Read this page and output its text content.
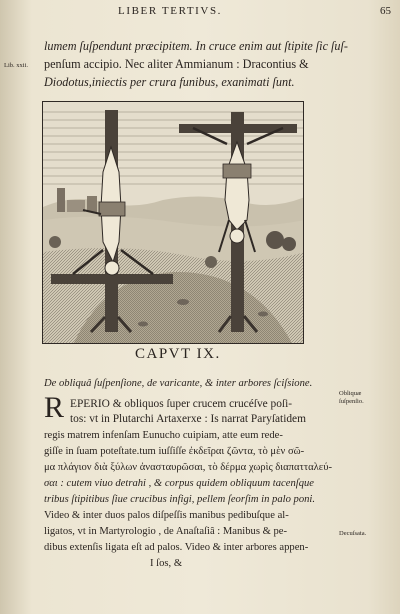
LIBER TERTIVS.	65
Lib. xxii.
lumem ſuſpendunt præcipitem. In cruce enim aut ſtipite ſic ſuſ-
penſum accipio. Nec aliter Ammianum : Dracontius &
Diodotus,iniectis per crura funibus, exanimati ſunt.
CAPVT IX.
De obliquâ ſuſpenſione, de varicante, & inter arbores ſciſsione.
R EPERIO & obliquos ſuper crucem crucéſve poſi-
tos: vt in Plutarchi Artaxerxe : Is narrat Paryſatidem
regis matrem infenſam Eunucho cuipiam, atte eum rede-
giſſe in ſuam poteſtate.tum iuſſiſſe ἐκδεῖραι ζῶντα, τὸ μὲν σῶ-
μα πλάγιον διὰ ξύλων ἀνασταυρῶσαι, τὸ δέρμα χωρὶς διαπατταλεύ-
σαι : cutem viuo detrahi , & corpus quidem obliquum tacenſque
tribus ſtipitibus ſiue crucibus infigi, pellem ſeorſim in palo poni.
Video & inter duos palos diſpeſſis manibus pedibuſque al-
ligatos, vt in Martyrologio , de Anaſtaſiâ : Manibus & pe-
dibus extenſis ligata eſt ad palos. Video & inter arbores appen-
I ſos, &
Obliquæ
ſuſpenſio.
Decuſsata.
